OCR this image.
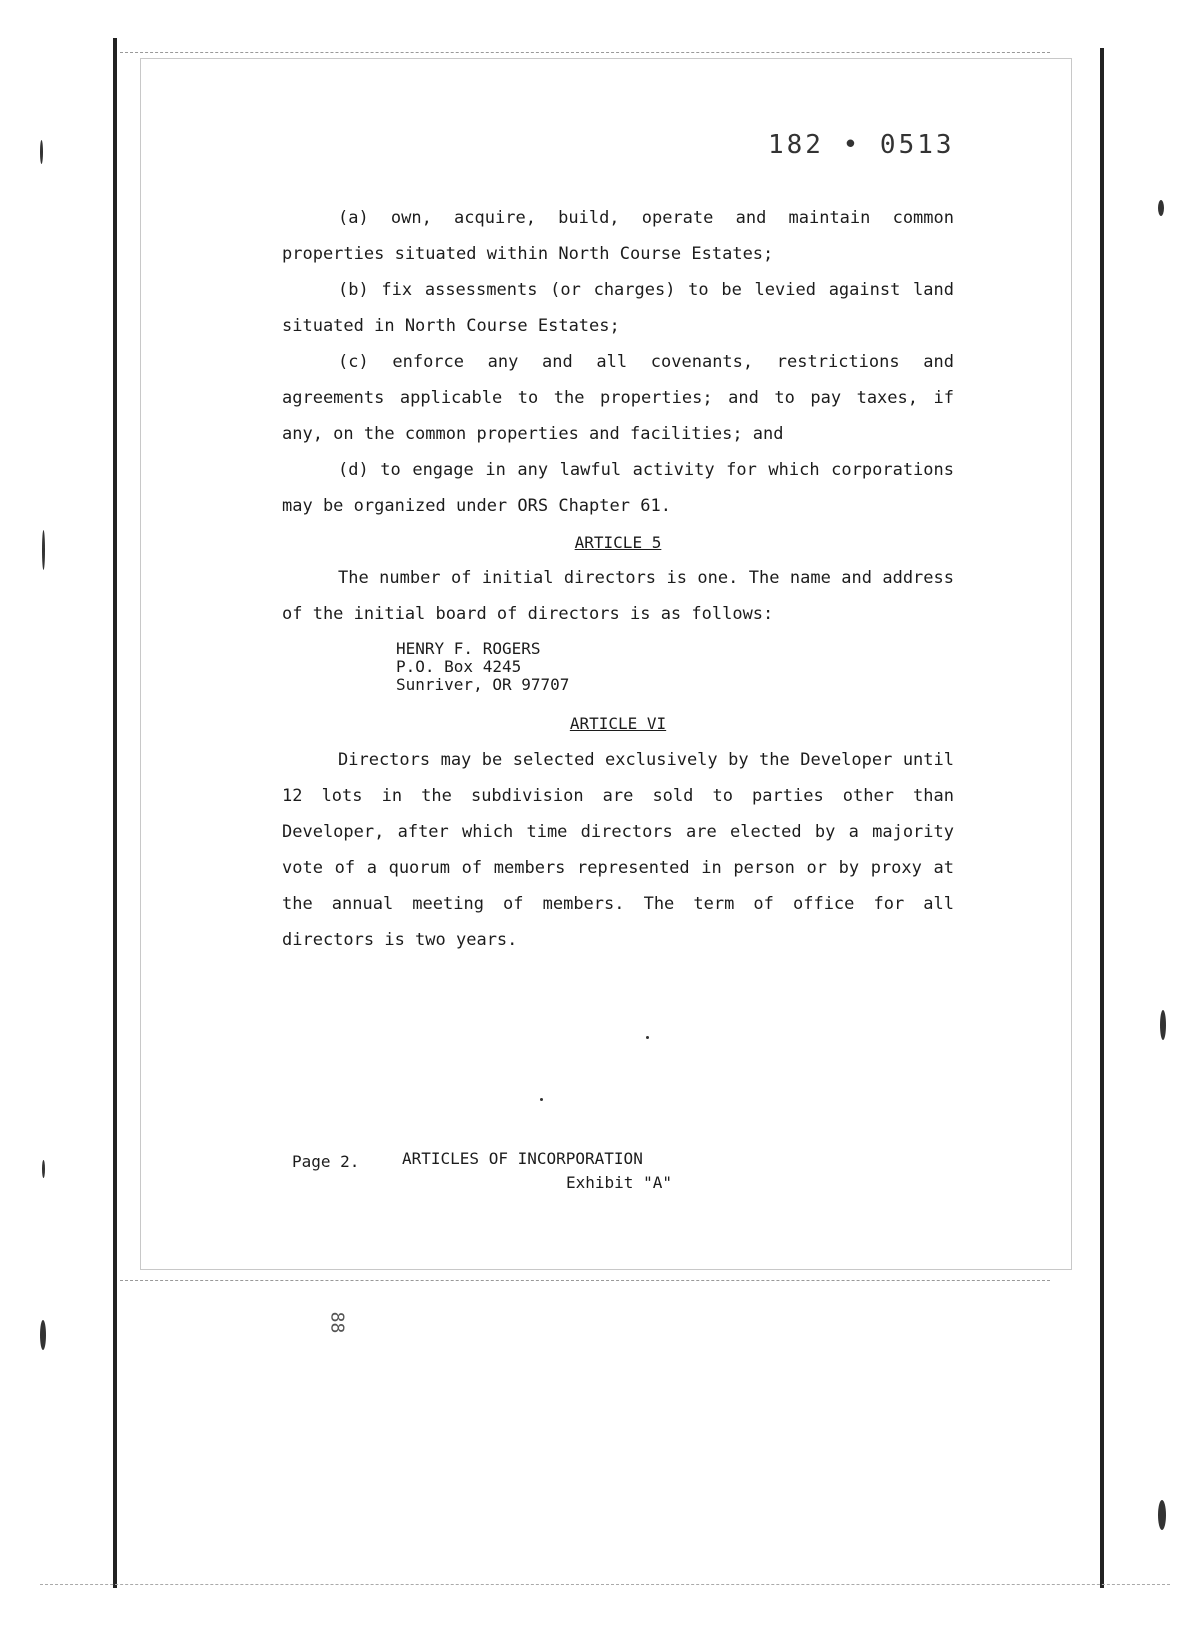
182 • 0513

(a) own, acquire, build, operate and maintain common properties situated within North Course Estates;

(b) fix assessments (or charges) to be levied against land situated in North Course Estates;

(c) enforce any and all covenants, restrictions and agreements applicable to the properties; and to pay taxes, if any, on the common properties and facilities; and

(d) to engage in any lawful activity for which corporations may be organized under ORS Chapter 61.

ARTICLE 5

The number of initial directors is one. The name and address of the initial board of directors is as follows:

HENRY F. ROGERS
P.O. Box 4245
Sunriver, OR 97707

ARTICLE VI

Directors may be selected exclusively by the Developer until 12 lots in the subdivision are sold to parties other than Developer, after which time directors are elected by a majority vote of a quorum of members represented in person or by proxy at the annual meeting of members. The term of office for all directors is two years.

Page 2.	ARTICLES OF INCORPORATION
Exhibit "A"
88
